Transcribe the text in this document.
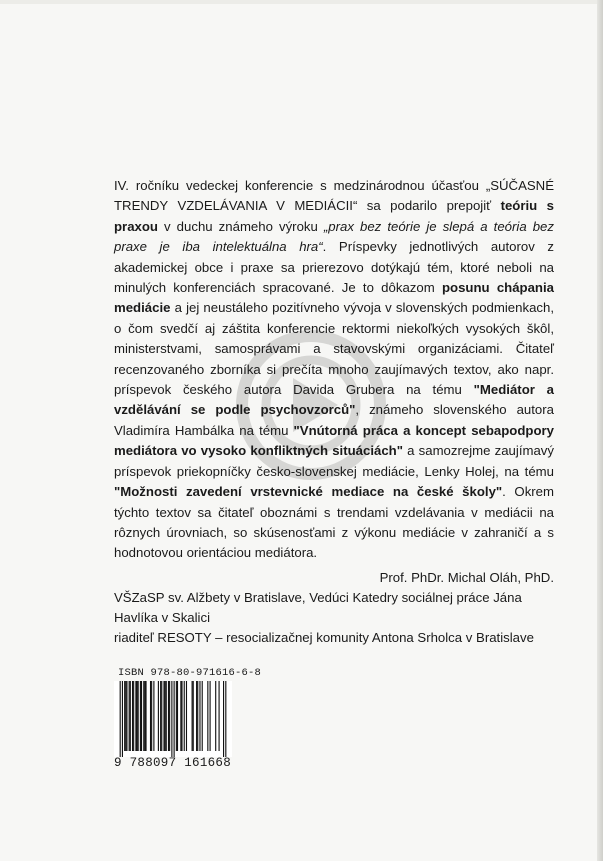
IV. ročníku vedeckej konferencie s medzinárodnou účasťou „SÚČASNÉ TRENDY VZDELÁVANIA V MEDIÁCII“ sa podarilo prepojiť teóriu s praxou v duchu známeho výroku „prax bez teórie je slepá a teória bez praxe je iba intelektuálna hra“. Príspevky jednotlivých autorov z akademickej obce i praxe sa prierezovo dotýkajú tém, ktoré neboli na minulých konferenciách spracované. Je to dôkazom posunu chápania mediácie a jej neustáleho pozitívneho vývoja v slovenských podmienkach, o čom svedčí aj záštita konferencie rektormi niekoľkých vysokých škôl, ministerstvami, samosprávami a stavovskými organizáciami. Čitateľ recenzovaného zborníka si prečíta mnoho zaujímavých textov, ako napr. príspevok českého autora Davida Grubera na tému "Mediátor a vzdělávání se podle psychovzorců", známeho slovenského autora Vladimíra Hambálka na tému "Vnútorná práca a koncept sebapodpory mediátora vo vysoko konfliktných situáciách" a samozrejme zaujímavý príspevok priekopníčky česko-slovenskej mediácie, Lenky Holej, na tému "Možnosti zavedení vrstevnické mediace na české školy". Okrem týchto textov sa čitateľ oboznámi s trendami vzdelávania v mediácii na rôznych úrovniach, so skúsenosťami z výkonu mediácie v zahraničí a s hodnotovou orientáciou mediátora.

Prof. PhDr. Michal Oláh, PhD.

VŠZaSP sv. Alžbety v Bratislave, Vedúci Katedry sociálnej práce Jána Havlíka v Skalici

riaditeľ RESOTY – resocializačnej komunity Antona Srholca v Bratislave

ISBN 978-80-971616-6-8
9 788097 161668
